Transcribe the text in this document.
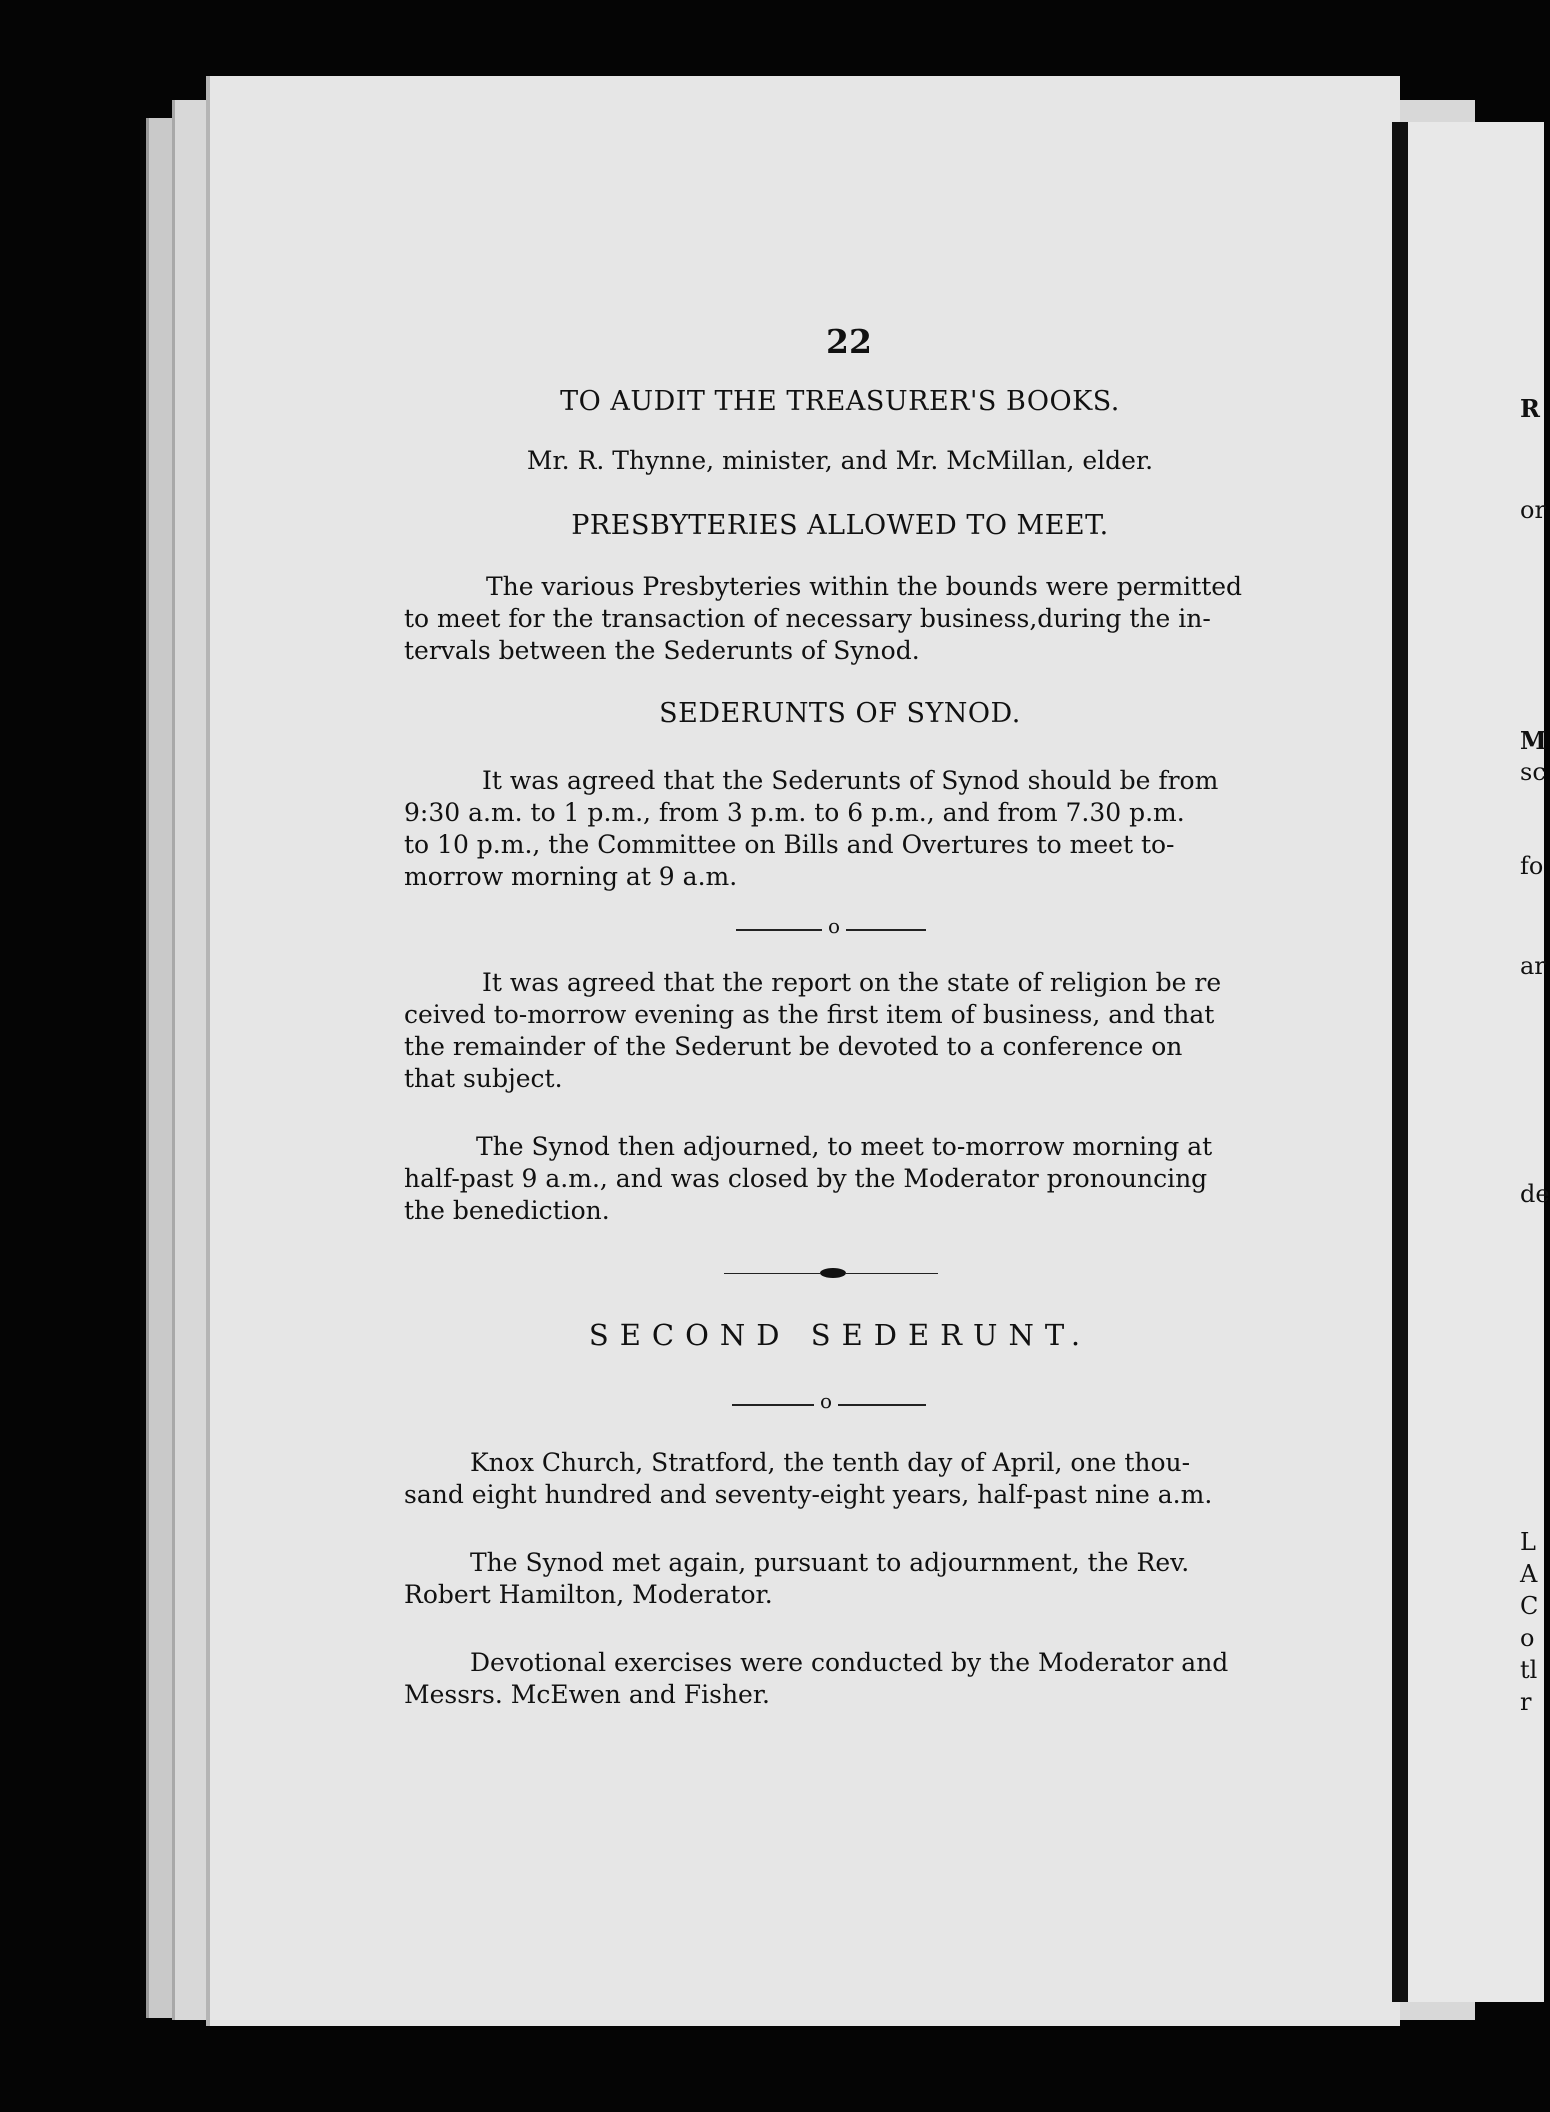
R
or
M
sc
fo
ar
de
L
A
C
o
tl
r
22
TO AUDIT THE TREASURER'S BOOKS.
Mr. R. Thynne, minister, and Mr. McMillan, elder.
PRESBYTERIES ALLOWED TO MEET.
The various Presbyteries within the bounds were permitted
to meet for the transaction of necessary business,during the in-
tervals between the Sederunts of Synod.
SEDERUNTS OF SYNOD.
It was agreed that the Sederunts of Synod should be from
9:30 a.m. to 1 p.m., from 3 p.m. to 6 p.m., and from 7.30 p.m.
to 10 p.m., the Committee on Bills and Overtures to meet to-
morrow morning at 9 a.m.
o
It was agreed that the report on the state of religion be re
ceived to-morrow evening as the first item of business, and that
the remainder of the Sederunt be devoted to a conference on
that subject.
The Synod then adjourned, to meet to-morrow morning at
half-past 9 a.m., and was closed by the Moderator pronouncing
the benediction.
SECOND SEDERUNT.
o
Knox Church, Stratford, the tenth day of April, one thou-
sand eight hundred and seventy-eight years, half-past nine a.m.
The Synod met again, pursuant to adjournment, the Rev.
Robert Hamilton, Moderator.
Devotional exercises were conducted by the Moderator and
Messrs. McEwen and Fisher.
